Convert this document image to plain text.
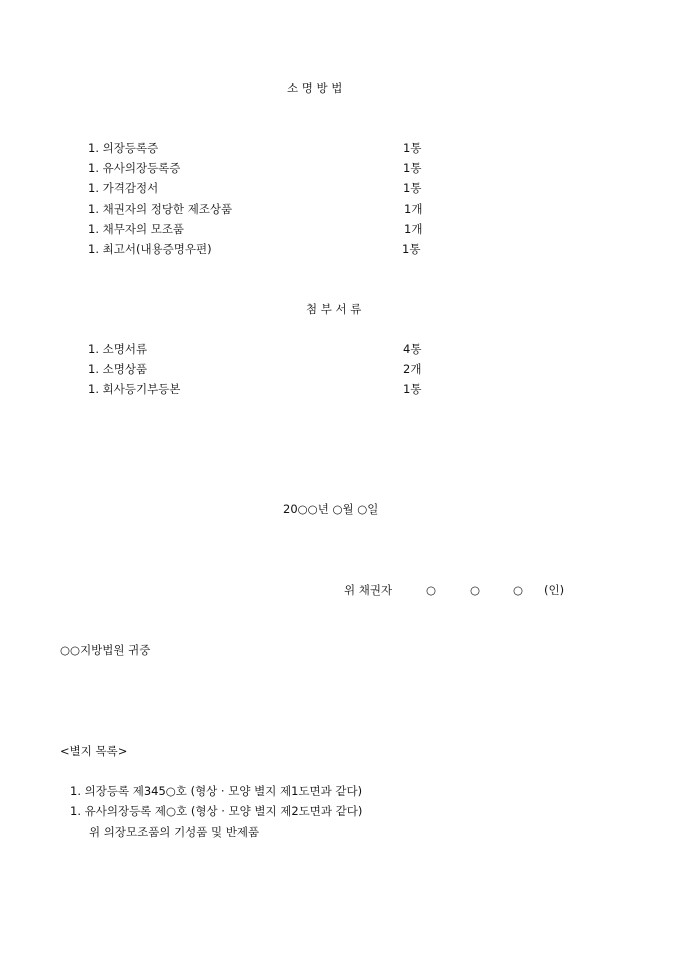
소 명 방 법
1. 의장등록증	1통
1. 유사의장등록증	1통
1. 가격감정서	1통
1. 채권자의 정당한 제조상품	1개
1. 채무자의 모조품	1개
1. 최고서(내용증명우편)	1통
첨 부 서 류
1. 소명서류	4통
1. 소명상품	2개
1. 회사등기부등본	1통
20○○년 ○월 ○일
위 채권자	○	○	○ (인)
○○지방법원 귀중
<별지 목록>
1. 의장등록 제345○호 (형상 · 모양 별지 제1도면과 같다)
1. 유사의장등록 제○호 (형상 · 모양 별지 제2도면과 같다)
위 의장모조품의 기성품 및 반제품
